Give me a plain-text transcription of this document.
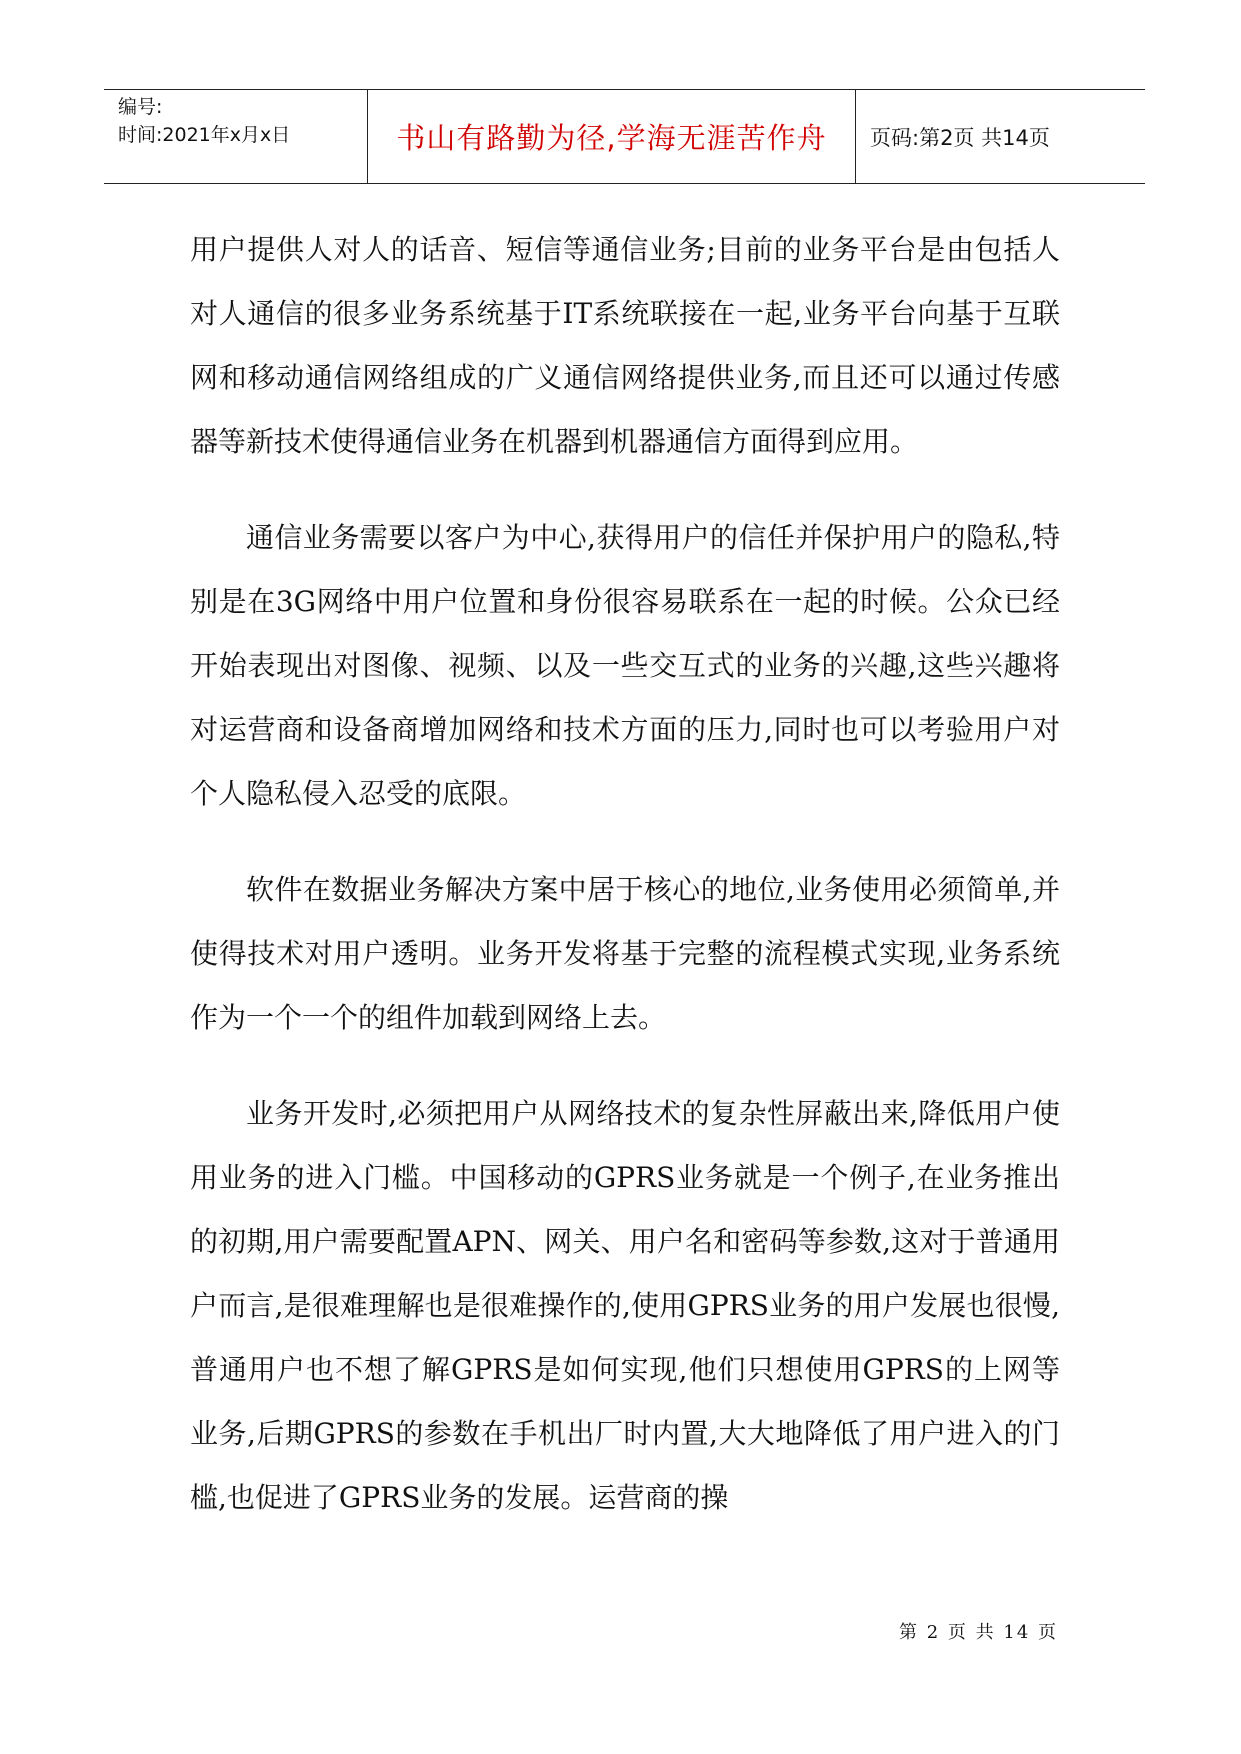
编号:
时间:2021年x月x日	书山有路勤为径,学海无涯苦作舟	页码:第2页 共14页

用户提供人对人的话音、短信等通信业务;目前的业务平台是由包括人对人通信的很多业务系统基于IT系统联接在一起,业务平台向基于互联网和移动通信网络组成的广义通信网络提供业务,而且还可以通过传感器等新技术使得通信业务在机器到机器通信方面得到应用。

通信业务需要以客户为中心,获得用户的信任并保护用户的隐私,特别是在3G网络中用户位置和身份很容易联系在一起的时候。公众已经开始表现出对图像、视频、以及一些交互式的业务的兴趣,这些兴趣将对运营商和设备商增加网络和技术方面的压力,同时也可以考验用户对个人隐私侵入忍受的底限。

软件在数据业务解决方案中居于核心的地位,业务使用必须简单,并使得技术对用户透明。业务开发将基于完整的流程模式实现,业务系统作为一个一个的组件加载到网络上去。

业务开发时,必须把用户从网络技术的复杂性屏蔽出来,降低用户使用业务的进入门槛。中国移动的GPRS业务就是一个例子,在业务推出的初期,用户需要配置APN、网关、用户名和密码等参数,这对于普通用户而言,是很难理解也是很难操作的,使用GPRS业务的用户发展也很慢,普通用户也不想了解GPRS是如何实现,他们只想使用GPRS的上网等业务,后期GPRS的参数在手机出厂时内置,大大地降低了用户进入的门槛,也促进了GPRS业务的发展。运营商的操

第 2 页 共 14 页
